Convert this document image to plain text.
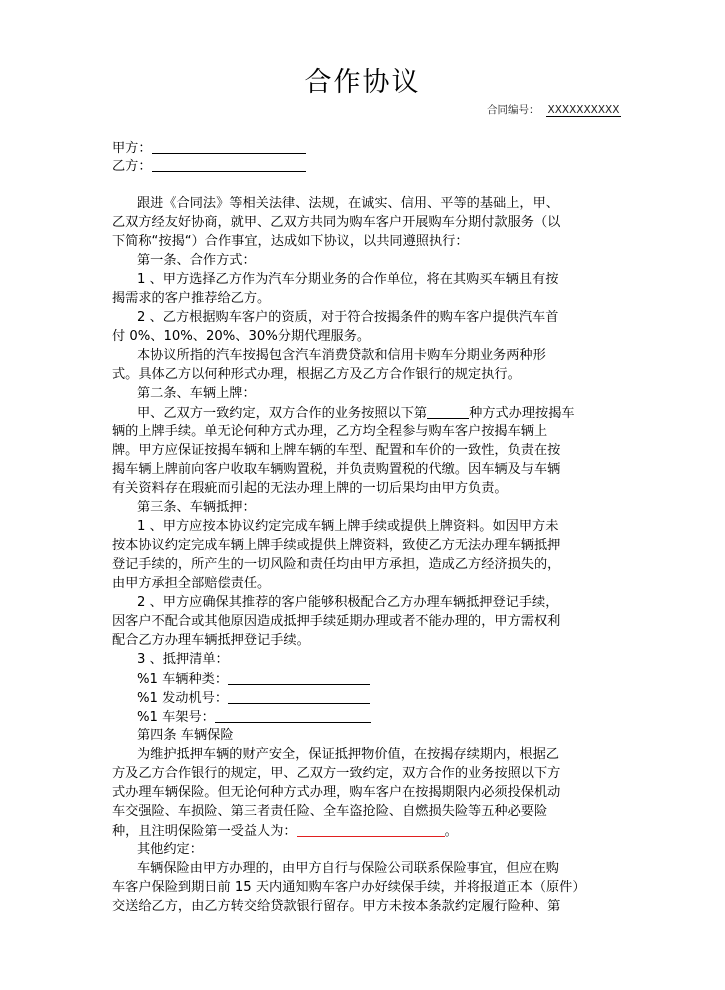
合作协议
合同编号： XXXXXXXXXX
甲方：
乙方：
跟进《合同法》等相关法律、法规，在诚实、信用、平等的基础上，甲、
乙双方经友好协商，就甲、乙双方共同为购车客户开展购车分期付款服务（以
下简称“按揭“）合作事宜，达成如下协议，以共同遵照执行：
第一条、合作方式：
1 、甲方选择乙方作为汽车分期业务的合作单位，将在其购买车辆且有按
揭需求的客户推荐给乙方。
2 、乙方根据购车客户的资质，对于符合按揭条件的购车客户提供汽车首
付 0%、10%、20%、30%分期代理服务。
本协议所指的汽车按揭包含汽车消费贷款和信用卡购车分期业务两种形
式。具体乙方以何种形式办理，根据乙方及乙方合作银行的规定执行。
第二条、车辆上牌：
甲、乙双方一致约定，双方合作的业务按照以下第	种方式办理按揭车
辆的上牌手续。单无论何种方式办理，乙方均全程参与购车客户按揭车辆上
牌。甲方应保证按揭车辆和上牌车辆的车型、配置和车价的一致性，负责在按
揭车辆上牌前向客户收取车辆购置税，并负责购置税的代缴。因车辆及与车辆
有关资料存在瑕疵而引起的无法办理上牌的一切后果均由甲方负责。
第三条、车辆抵押：
1 、甲方应按本协议约定完成车辆上牌手续或提供上牌资料。如因甲方未
按本协议约定完成车辆上牌手续或提供上牌资料，致使乙方无法办理车辆抵押
登记手续的，所产生的一切风险和责任均由甲方承担，造成乙方经济损失的，
由甲方承担全部赔偿责任。
2 、甲方应确保其推荐的客户能够积极配合乙方办理车辆抵押登记手续，
因客户不配合或其他原因造成抵押手续延期办理或者不能办理的，甲方需权利
配合乙方办理车辆抵押登记手续。
3 、抵押清单：
%1 车辆种类：
%1 发动机号：
%1 车架号：
第四条 车辆保险
为维护抵押车辆的财产安全，保证抵押物价值，在按揭存续期内，根据乙
方及乙方合作银行的规定，甲、乙双方一致约定，双方合作的业务按照以下方
式办理车辆保险。但无论何种方式办理，购车客户在按揭期限内必须投保机动
车交强险、车损险、第三者责任险、全车盗抢险、自燃损失险等五种必要险
种，且注明保险第一受益人为：	。
其他约定：
车辆保险由甲方办理的，由甲方自行与保险公司联系保险事宜，但应在购
车客户保险到期日前 15 天内通知购车客户办好续保手续，并将报道正本（原件）
交送给乙方，由乙方转交给贷款银行留存。甲方未按本条款约定履行险种、第
